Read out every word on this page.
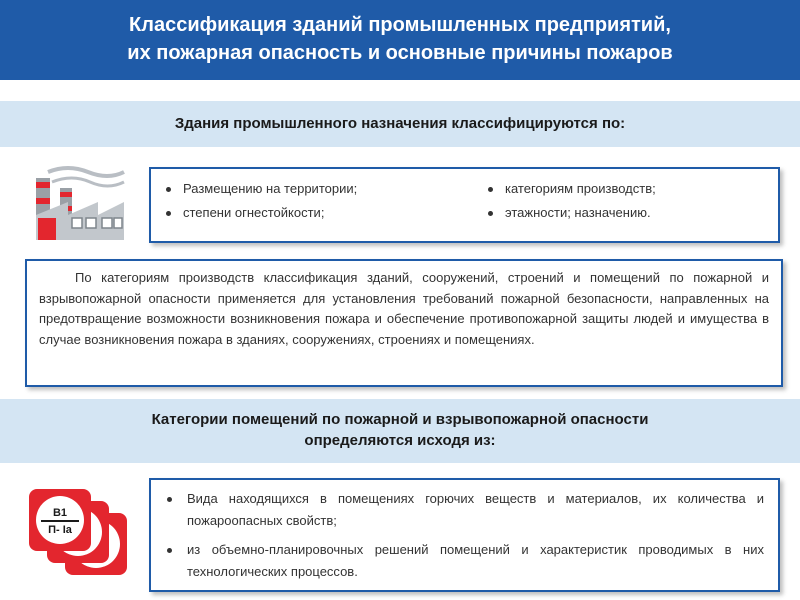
Классификация зданий промышленных предприятий,
их пожарная опасность и основные причины пожаров
Здания промышленного назначения классифицируются по:
Размещению на территории;
степени огнестойкости;
категориям производств;
этажности; назначению.

По категориям производств классификация зданий, сооружений, строений и помещений по пожарной и взрывопожарной опасности применяется для установления требований пожарной безопасности, направленных на предотвращение возможности возникновения пожара и обеспечение противопожарной защиты людей и имущества в случае возникновения пожара в зданиях, сооружениях, строениях и помещениях.

Категории помещений по пожарной и взрывопожарной опасности
определяются исходя из:
B1
П- Ia
Вида находящихся в помещениях горючих веществ и материалов, их количества и пожароопасных свойств;
из объемно-планировочных решений помещений и характеристик проводимых в них технологических процессов.
